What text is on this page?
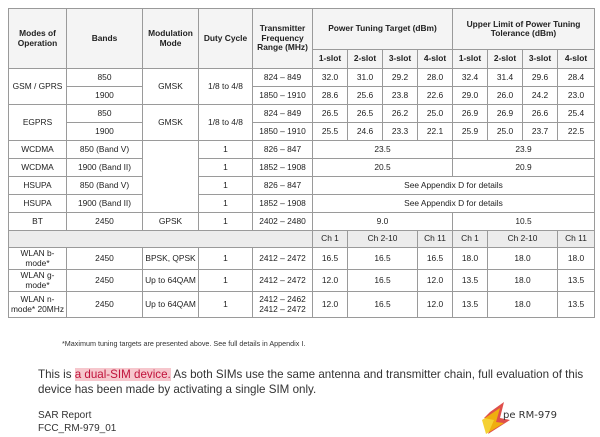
Modes of Operation	Bands	Modulation Mode	Duty Cycle	Transmitter Frequency Range (MHz)	Power Tuning Target (dBm)				Upper Limit of Power Tuning Tolerance (dBm)			
					1-slot	2-slot	3-slot	4-slot	1-slot	2-slot	3-slot	4-slot
GSM / GPRS	850	GMSK	1/8 to 4/8	824 – 849	32.0	31.0	29.2	28.0	32.4	31.4	29.6	28.4
	1900			1850 – 1910	28.6	25.6	23.8	22.6	29.0	26.0	24.2	23.0
EGPRS	850	GMSK	1/8 to 4/8	824 – 849	26.5	26.5	26.2	25.0	26.9	26.9	26.6	25.4
	1900			1850 – 1910	25.5	24.6	23.3	22.1	25.9	25.0	23.7	22.5
WCDMA	850 (Band V)		1	826 – 847	23.5				23.9			
WCDMA	1900 (Band II)		1	1852 – 1908	20.5				20.9			
HSUPA	850 (Band V)		1	826 – 847	See Appendix D for details							
HSUPA	1900 (Band II)		1	1852 – 1908	See Appendix D for details							
BT	2450	GPSK	1	2402 – 2480	9.0				10.5			
					Ch 1	Ch 2-10		Ch 11	Ch 1	Ch 2-10		Ch 11
WLAN b-mode*	2450	BPSK, QPSK	1	2412 – 2472	16.5	16.5		16.5	18.0	18.0		18.0
WLAN g-mode*	2450	Up to 64QAM	1	2412 – 2472	12.0	16.5		12.0	13.5	18.0		13.5
WLAN n-mode* 20MHz	2450	Up to 64QAM	1	2412 – 2462 2412 – 2472	12.0	16.5		12.0	13.5	18.0		13.5
*Maximum tuning targets are presented above. See full details in Appendix I.
This is a dual-SIM device. As both SIMs use the same antenna and transmitter chain, full evaluation of this device has been made by activating a single SIM only.
SAR Report
FCC_RM-979_01
pe RM-979
